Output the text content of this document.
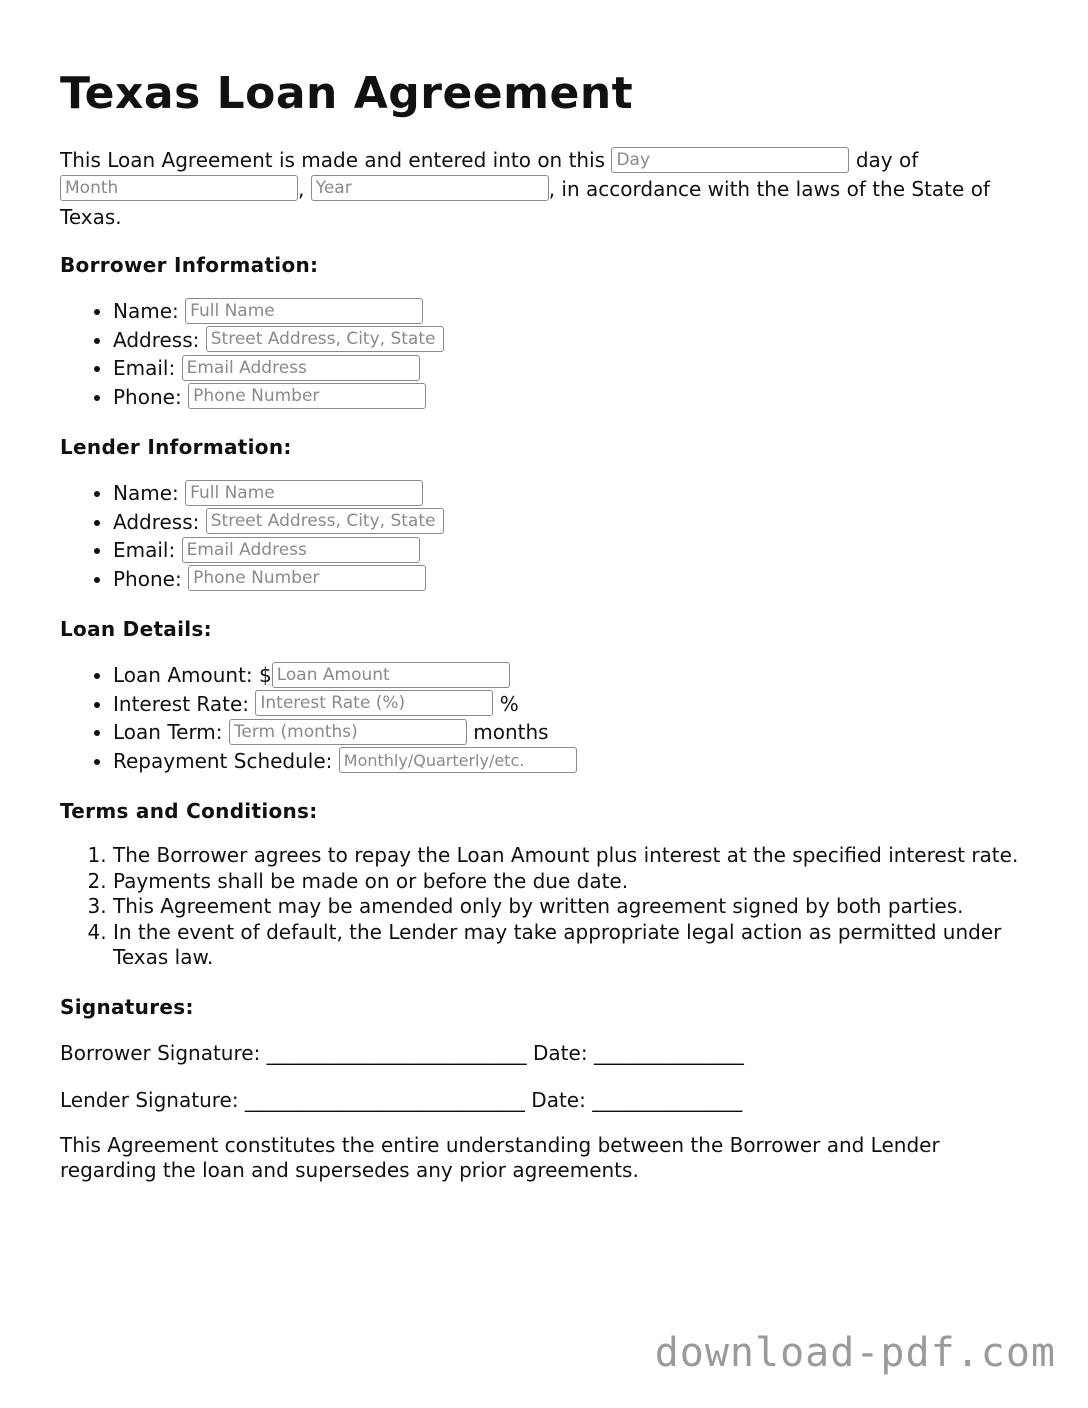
Texas Loan Agreement

This Loan Agreement is made and entered into on this Day	day of Month, Year	, in accordance with the laws of the State of Texas.

Borrower Information:
• Name: Full Name
• Address: Street Address, City, State
• Email: Email Address
• Phone: Phone Number
Lender Information:
• Name: Full Name
• Address: Street Address, City, State
• Email: Email Address
• Phone: Phone Number
Loan Details:
• Loan Amount: $Loan Amount
• Interest Rate: Interest Rate (%)	%
• Loan Term: Term (months)	months
• Repayment Schedule: Monthly/Quarterly/etc.
Terms and Conditions:
1. The Borrower agrees to repay the Loan Amount plus interest at the specified interest rate.
2. Payments shall be made on or before the due date.
3. This Agreement may be amended only by written agreement signed by both parties.
4. In the event of default, the Lender may take appropriate legal action as permitted under Texas law.
Signatures:

Borrower Signature: __________________________ Date: _______________

Lender Signature: ____________________________ Date: _______________

This Agreement constitutes the entire understanding between the Borrower and Lender regarding the loan and supersedes any prior agreements.

download-pdf.com
